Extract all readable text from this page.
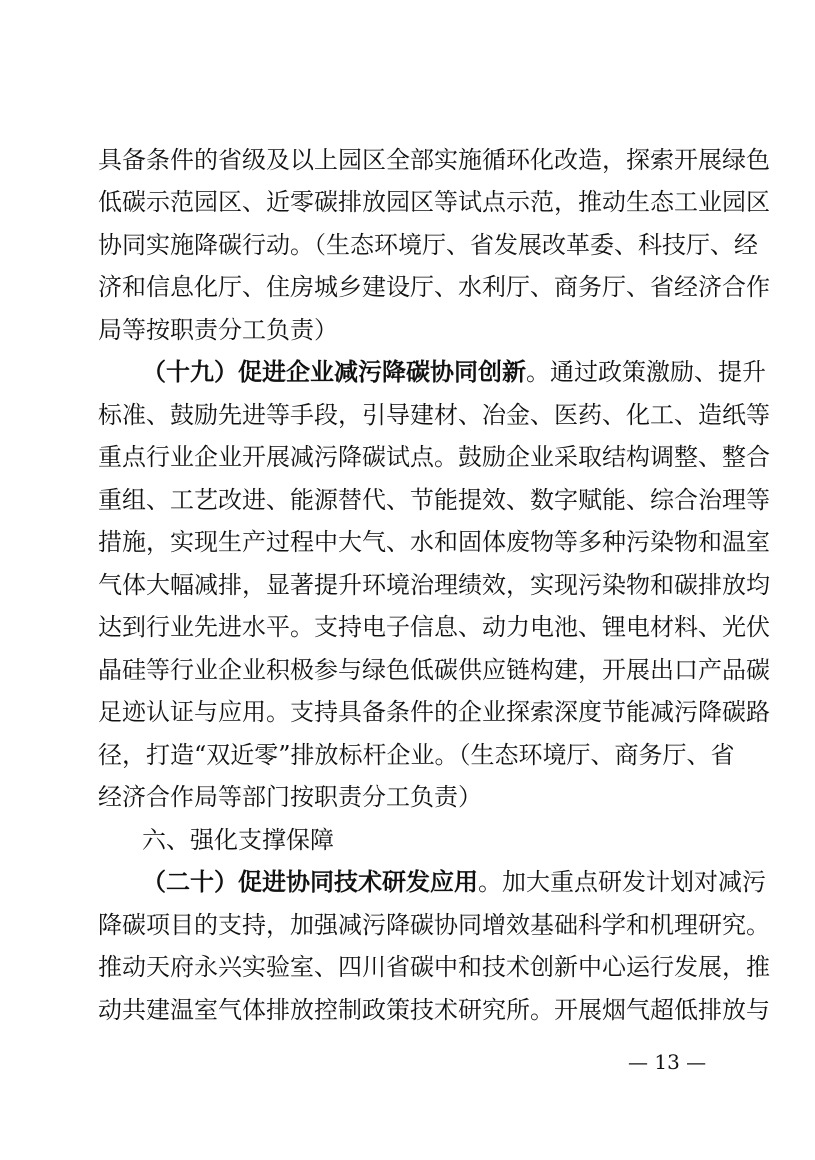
具备条件的省级及以上园区全部实施循环化改造，探索开展绿色
低碳示范园区、近零碳排放园区等试点示范，推动生态工业园区
协同实施降碳行动。（生态环境厅、省发展改革委、科技厅、经
济和信息化厅、住房城乡建设厅、水利厅、商务厅、省经济合作
局等按职责分工负责）
（十九）促进企业减污降碳协同创新。通过政策激励、提升
标准、鼓励先进等手段，引导建材、冶金、医药、化工、造纸等
重点行业企业开展减污降碳试点。鼓励企业采取结构调整、整合
重组、工艺改进、能源替代、节能提效、数字赋能、综合治理等
措施，实现生产过程中大气、水和固体废物等多种污染物和温室
气体大幅减排，显著提升环境治理绩效，实现污染物和碳排放均
达到行业先进水平。支持电子信息、动力电池、锂电材料、光伏
晶硅等行业企业积极参与绿色低碳供应链构建，开展出口产品碳
足迹认证与应用。支持具备条件的企业探索深度节能减污降碳路
径，打造“双近零”排放标杆企业。（生态环境厅、商务厅、省
经济合作局等部门按职责分工负责）
六、强化支撑保障
（二十）促进协同技术研发应用。加大重点研发计划对减污
降碳项目的支持，加强减污降碳协同增效基础科学和机理研究。
推动天府永兴实验室、四川省碳中和技术创新中心运行发展，推
动共建温室气体排放控制政策技术研究所。开展烟气超低排放与
— 13 —
